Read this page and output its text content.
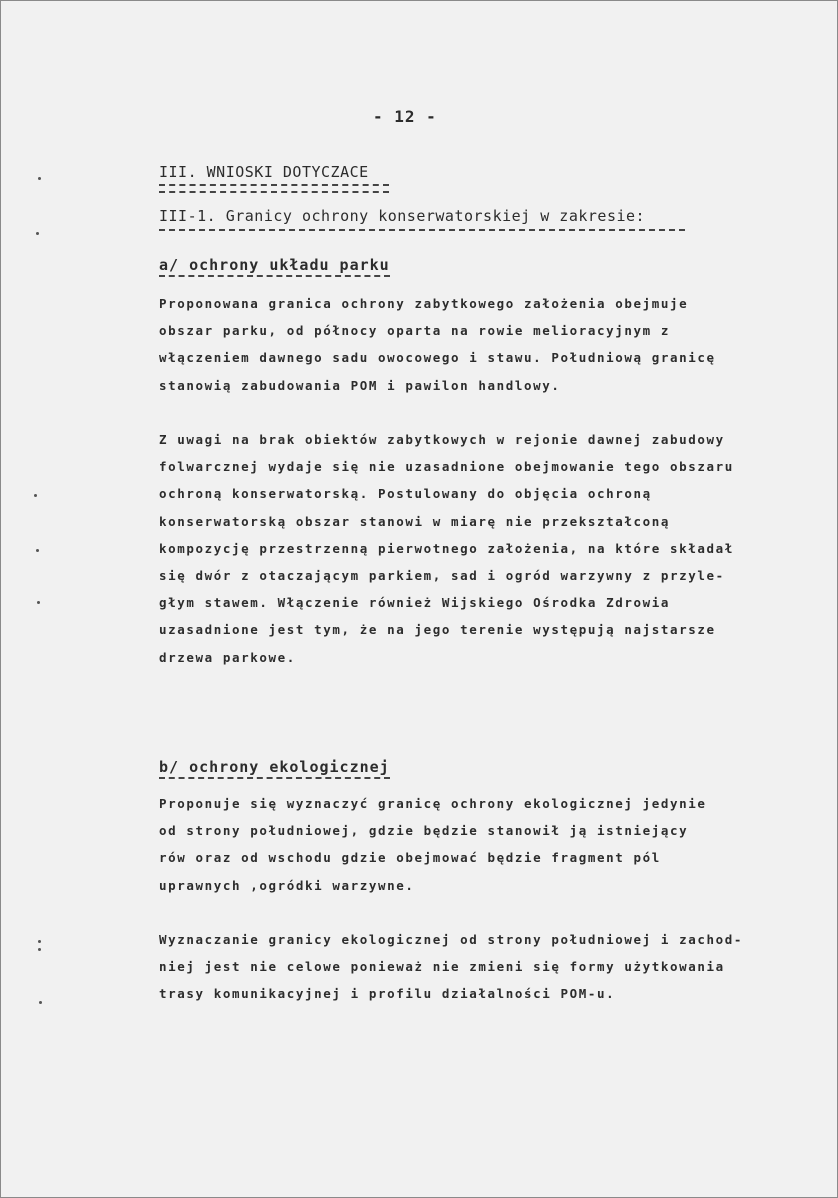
- 12 -
III. WNIOSKI DOTYCZACE
III-1. Granicy ochrony konserwatorskiej w zakresie:
a/ ochrony układu parku

Proponowana granica ochrony zabytkowego założenia obejmuje
obszar parku, od północy oparta na rowie melioracyjnym z
włączeniem dawnego sadu owocowego i stawu. Południową granicę
stanowią zabudowania POM i pawilon handlowy.

Z uwagi na brak obiektów zabytkowych w rejonie dawnej zabudowy
folwarcznej wydaje się nie uzasadnione obejmowanie tego obszaru
ochroną konserwatorską. Postulowany do objęcia ochroną
konserwatorską obszar stanowi w miarę nie przekształconą
kompozycję przestrzenną pierwotnego założenia, na które składał
się dwór z otaczającym parkiem, sad i ogród warzywny z przyle-
głym stawem. Włączenie również Wijskiego Ośrodka Zdrowia
uzasadnione jest tym, że na jego terenie występują najstarsze
drzewa parkowe.

b/ ochrony ekologicznej

Proponuje się wyznaczyć granicę ochrony ekologicznej jedynie
od strony południowej, gdzie będzie stanowił ją istniejący
rów oraz od wschodu gdzie obejmować będzie fragment pól
uprawnych ,ogródki warzywne.

Wyznaczanie granicy ekologicznej od strony południowej i zachod-
niej jest nie celowe ponieważ nie zmieni się formy użytkowania
trasy komunikacyjnej i profilu działalności POM-u.
